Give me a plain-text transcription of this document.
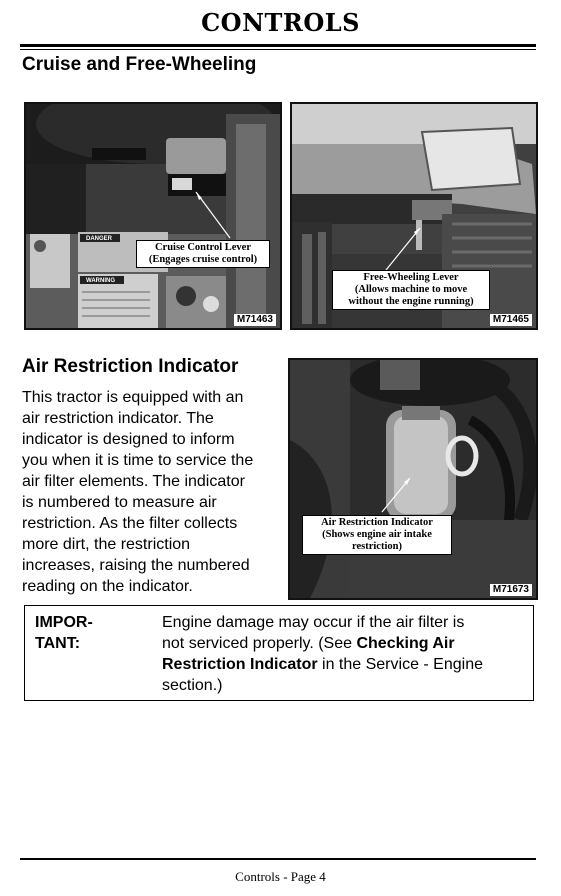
CONTROLS
Cruise and Free-Wheeling
Cruise Control Lever
(Engages cruise control)
M71463
DANGER
WARNING	Free-Wheeling Lever
(Allows machine to move
without the engine running)
M71465
Air Restriction Indicator
This tractor is equipped with an
air restriction indicator. The
indicator is designed to inform
you when it is time to service the
air filter elements. The indicator
is numbered to measure air
restriction. As the filter collects
more dirt, the restriction
increases, raising the numbered
reading on the indicator.
Air Restriction Indicator
(Shows engine air intake
restriction)
M71673
IMPOR-
TANT:
Engine damage may occur if the air filter is
not serviced properly. (See Checking Air
Restriction Indicator in the Service - Engine
section.)
Controls - Page 4
